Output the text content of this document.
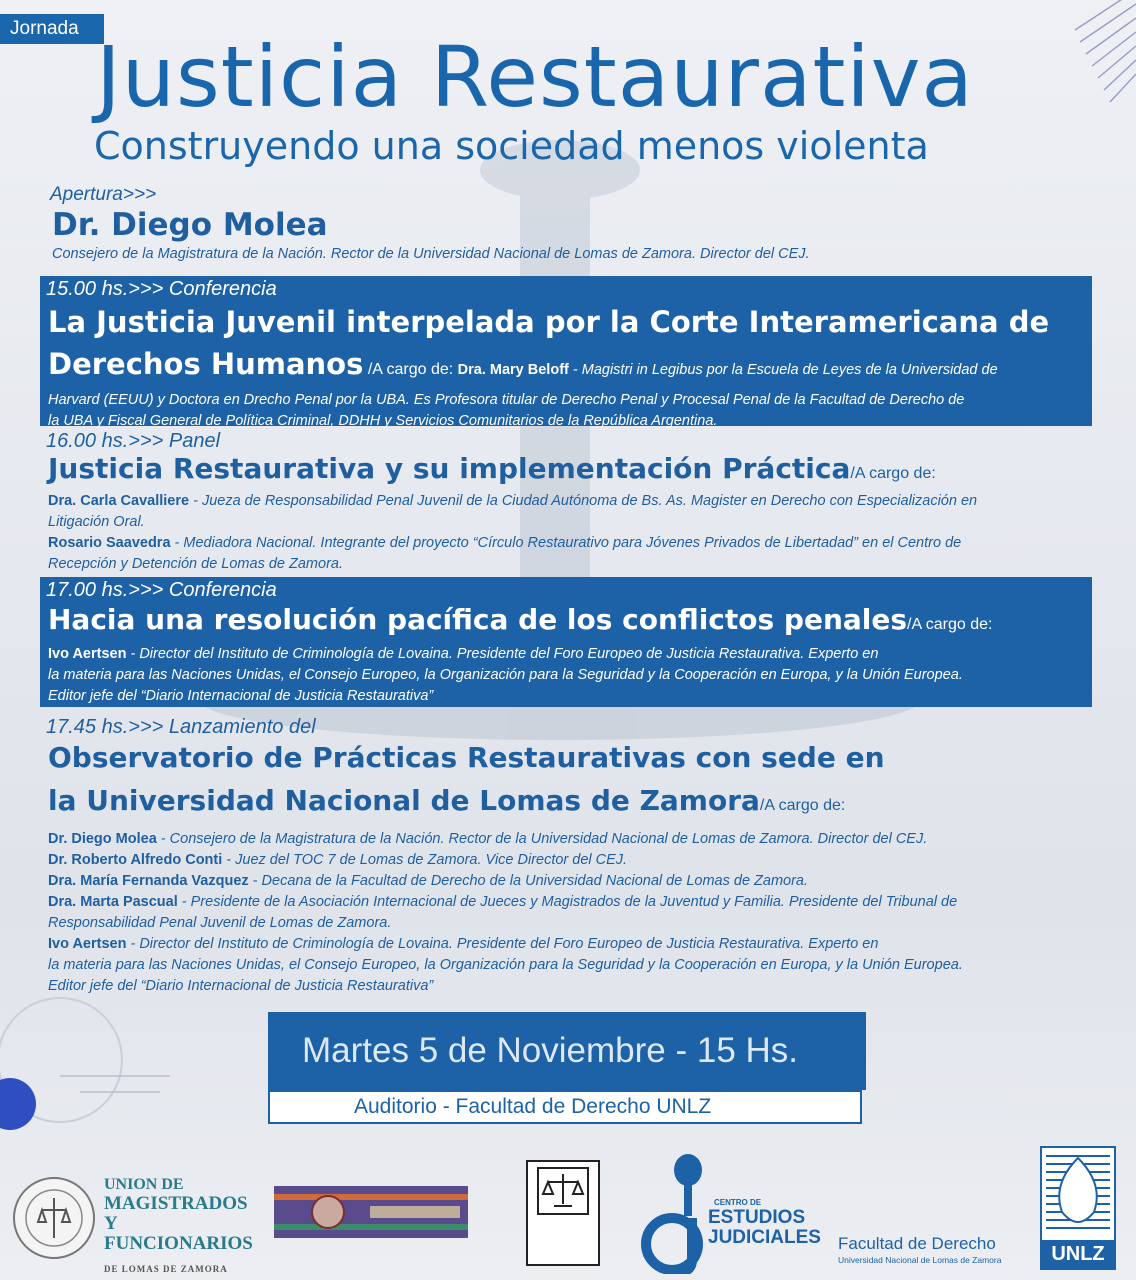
Jornada Justicia Restaurativa
Construyendo una sociedad menos violenta
Apertura>>>
Dr. Diego Molea
Consejero de la Magistratura de la Nación. Rector de la Universidad Nacional de Lomas de Zamora. Director del CEJ.
15.00 hs.>>> Conferencia
La Justicia Juvenil interpelada por la Corte Interamericana de
Derechos Humanos /A cargo de: Dra. Mary Beloff - Magistri in Legibus por la Escuela de Leyes de la Universidad de
Harvard (EEUU) y Doctora en Drecho Penal por la UBA. Es Profesora titular de Derecho Penal y Procesal Penal de la Facultad de Derecho de
la UBA y Fiscal General de Política Criminal, DDHH y Servicios Comunitarios de la República Argentina.
16.00 hs.>>> Panel
Justicia Restaurativa y su implementación Práctica/A cargo de:
Dra. Carla Cavalliere - Jueza de Responsabilidad Penal Juvenil de la Ciudad Autónoma de Bs. As. Magister en Derecho con Especialización en
Litigación Oral.
Rosario Saavedra - Mediadora Nacional. Integrante del proyecto “Círculo Restaurativo para Jóvenes Privados de Libertadad” en el Centro de
Recepción y Detención de Lomas de Zamora.
17.00 hs.>>> Conferencia
Hacia una resolución pacífica de los conflictos penales/A cargo de:
Ivo Aertsen - Director del Instituto de Criminología de Lovaina. Presidente del Foro Europeo de Justicia Restaurativa. Experto en
la materia para las Naciones Unidas, el Consejo Europeo, la Organización para la Seguridad y la Cooperación en Europa, y la Unión Europea.
Editor jefe del “Diario Internacional de Justicia Restaurativa”
17.45 hs.>>> Lanzamiento del
Observatorio de Prácticas Restaurativas con sede en
la Universidad Nacional de Lomas de Zamora/A cargo de:
Dr. Diego Molea - Consejero de la Magistratura de la Nación. Rector de la Universidad Nacional de Lomas de Zamora. Director del CEJ.
Dr. Roberto Alfredo Conti - Juez del TOC 7 de Lomas de Zamora. Vice Director del CEJ.
Dra. María Fernanda Vazquez - Decana de la Facultad de Derecho de la Universidad Nacional de Lomas de Zamora.
Dra. Marta Pascual - Presidente de la Asociación Internacional de Jueces y Magistrados de la Juventud y Familia. Presidente del Tribunal de
Responsabilidad Penal Juvenil de Lomas de Zamora.
Ivo Aertsen - Director del Instituto de Criminología de Lovaina. Presidente del Foro Europeo de Justicia Restaurativa. Experto en
la materia para las Naciones Unidas, el Consejo Europeo, la Organización para la Seguridad y la Cooperación en Europa, y la Unión Europea.
Editor jefe del “Diario Internacional de Justicia Restaurativa”
Martes 5 de Noviembre - 15 Hs.
Auditorio - Facultad de Derecho UNLZ
UNION DE
MAGISTRADOS
Y FUNCIONARIOS
DE LOMAS DE ZAMORA
CENTRO DE
ESTUDIOS
JUDICIALES Facultad de Derecho
Universidad Nacional de Lomas de Zamora	UNLZ
